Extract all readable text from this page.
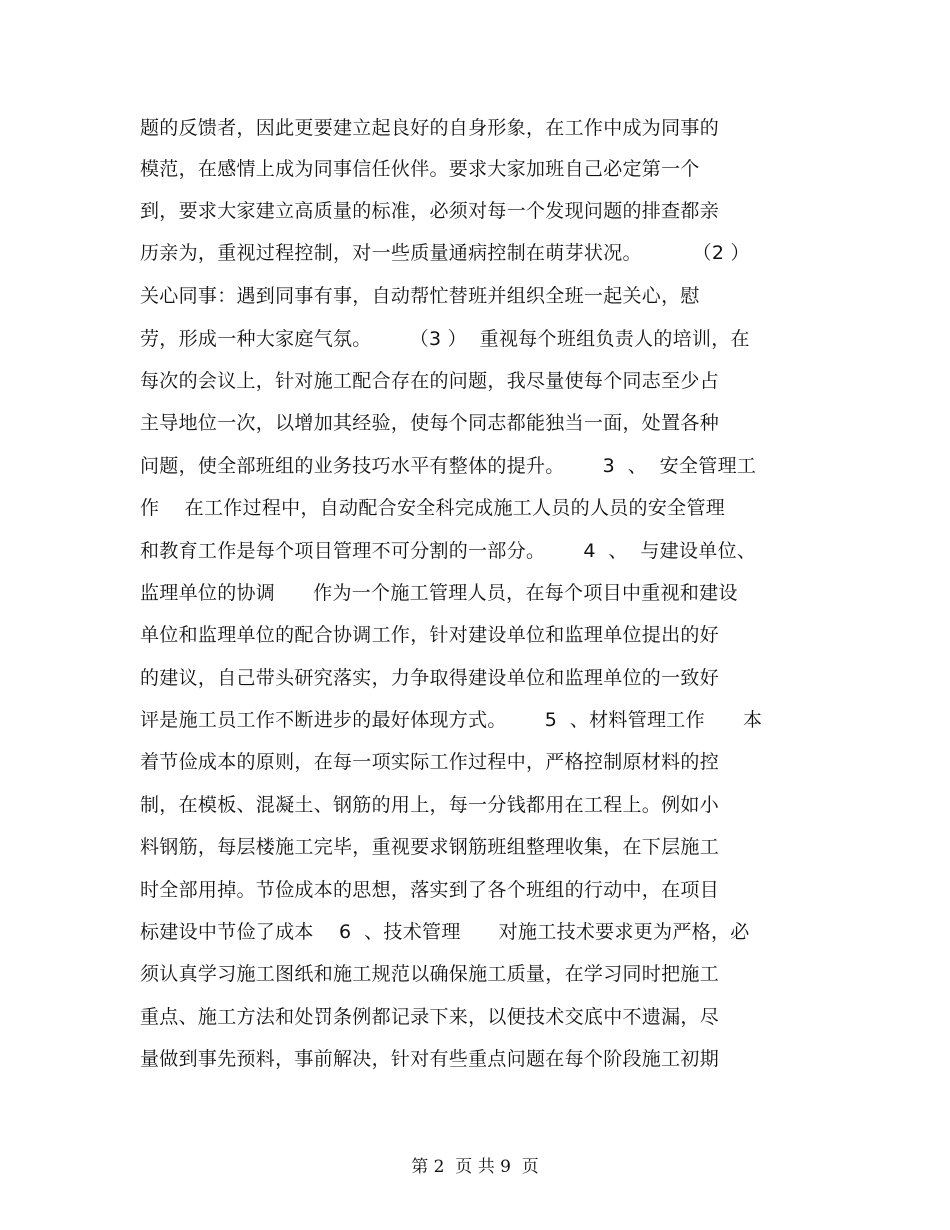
题的反馈者，因此更要建立起良好的自身形象，在工作中成为同事的
模范，在感情上成为同事信任伙伴。要求大家加班自己必定第一个
到，要求大家建立高质量的标准，必须对每一个发现问题的排查都亲
历亲为，重视过程控制，对一些质量通病控制在萌芽状况。        （2 ）
关心同事：遇到同事有事，自动帮忙替班并组织全班一起关心，慰
劳，形成一种大家庭气氛。      （3 ）  重视每个班组负责人的培训，在
每次的会议上，针对施工配合存在的问题，我尽量使每个同志至少占
主导地位一次，以增加其经验，使每个同志都能独当一面，处置各种
问题，使全部班组的业务技巧水平有整体的提升。      3  、  安全管理工
作    在工作过程中，自动配合安全科完成施工人员的人员的安全管理
和教育工作是每个项目管理不可分割的一部分。      4  、  与建设单位、
监理单位的协调      作为一个施工管理人员，在每个项目中重视和建设
单位和监理单位的配合协调工作，针对建设单位和监理单位提出的好
的建议，自己带头研究落实，力争取得建设单位和监理单位的一致好
评是施工员工作不断进步的最好体现方式。      5  、材料管理工作      本
着节俭成本的原则，在每一项实际工作过程中，严格控制原材料的控
制，在模板、混凝土、钢筋的用上，每一分钱都用在工程上。例如小
料钢筋，每层楼施工完毕，重视要求钢筋班组整理收集，在下层施工
时全部用掉。节俭成本的思想，落实到了各个班组的行动中，在项目
标建设中节俭了成本    6  、技术管理      对施工技术要求更为严格，必
须认真学习施工图纸和施工规范以确保施工质量，在学习同时把施工
重点、施工方法和处罚条例都记录下来，以便技术交底中不遗漏，尽
量做到事先预料，事前解决，针对有些重点问题在每个阶段施工初期
第 2  页 共 9  页
